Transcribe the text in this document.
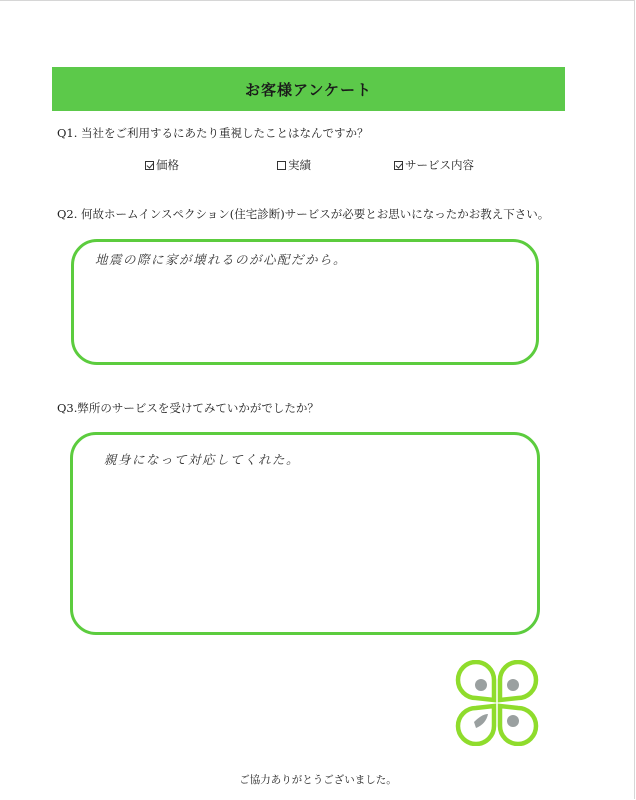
お客様アンケート
Q1. 当社をご利用するにあたり重視したことはなんですか？
価格	実績	サービス内容
Q2. 何故ホームインスペクション(住宅診断)サービスが必要とお思いになったかお教え下さい。
地震の際に家が壊れるのが心配だから。
Q3.弊所のサービスを受けてみていかがでしたか？
親身になって対応してくれた。
ご協力ありがとうございました。
